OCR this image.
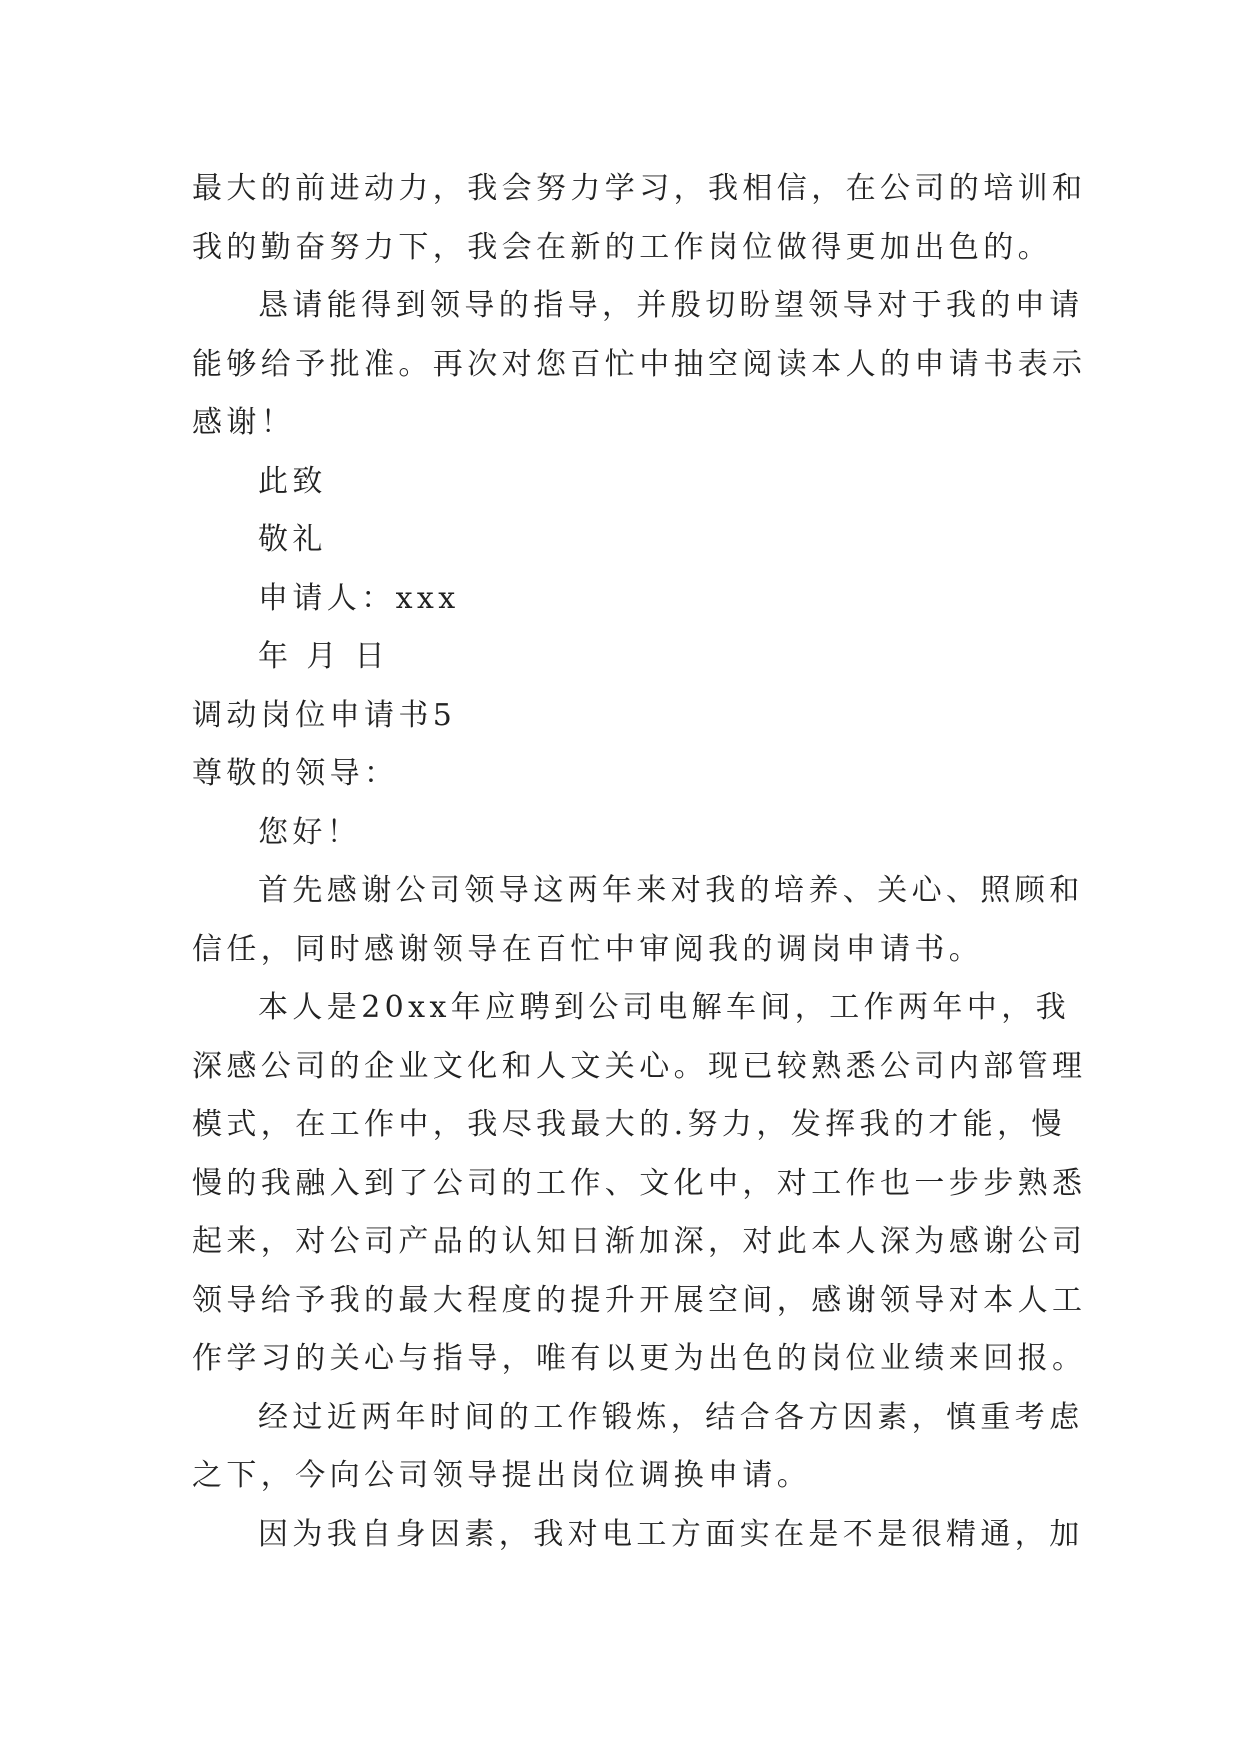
最大的前进动力，我会努力学习，我相信，在公司的培训和
我的勤奋努力下，我会在新的工作岗位做得更加出色的。
恳请能得到领导的指导，并殷切盼望领导对于我的申请
能够给予批准。再次对您百忙中抽空阅读本人的申请书表示
感谢！
此致
敬礼
申请人：xxx
年 月 日
调动岗位申请书5
尊敬的领导：
您好！
首先感谢公司领导这两年来对我的培养、关心、照顾和
信任，同时感谢领导在百忙中审阅我的调岗申请书。
本人是20xx年应聘到公司电解车间，工作两年中，我
深感公司的企业文化和人文关心。现已较熟悉公司内部管理
模式，在工作中，我尽我最大的.努力，发挥我的才能，慢
慢的我融入到了公司的工作、文化中，对工作也一步步熟悉
起来，对公司产品的认知日渐加深，对此本人深为感谢公司
领导给予我的最大程度的提升开展空间，感谢领导对本人工
作学习的关心与指导，唯有以更为出色的岗位业绩来回报。
经过近两年时间的工作锻炼，结合各方因素，慎重考虑
之下，今向公司领导提出岗位调换申请。
因为我自身因素，我对电工方面实在是不是很精通，加
